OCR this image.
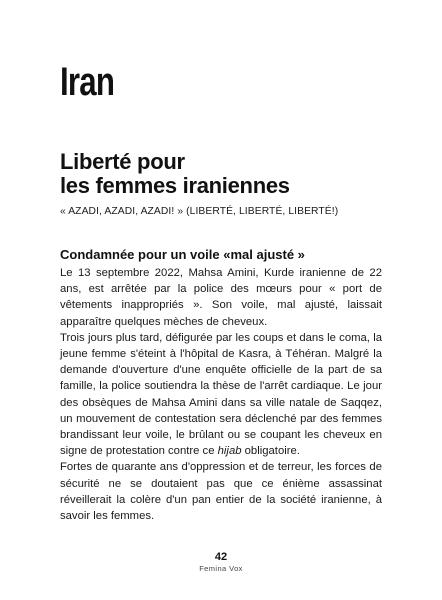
Iran
Liberté pour
les femmes iraniennes

« AZADI, AZADI, AZADI! » (LIBERTÉ, LIBERTÉ, LIBERTÉ!)

Condamnée pour un voile «mal ajusté »

Le 13 septembre 2022, Mahsa Amini, Kurde iranienne de 22 ans, est arrêtée par la police des mœurs pour « port de vêtements inappropriés ». Son voile, mal ajusté, laissait apparaître quelques mèches de cheveux.

Trois jours plus tard, défigurée par les coups et dans le coma, la jeune femme s'éteint à l'hôpital de Kasra, à Téhéran. Malgré la demande d'ouverture d'une enquête officielle de la part de sa famille, la police soutiendra la thèse de l'arrêt cardiaque. Le jour des obsèques de Mahsa Amini dans sa ville natale de Saqqez, un mouvement de contestation sera déclenché par des femmes brandissant leur voile, le brûlant ou se coupant les cheveux en signe de protestation contre ce hijab obligatoire.

Fortes de quarante ans d'oppression et de terreur, les forces de sécurité ne se doutaient pas que ce énième assassinat réveillerait la colère d'un pan entier de la société iranienne, à savoir les femmes.

42
Femina Vox
